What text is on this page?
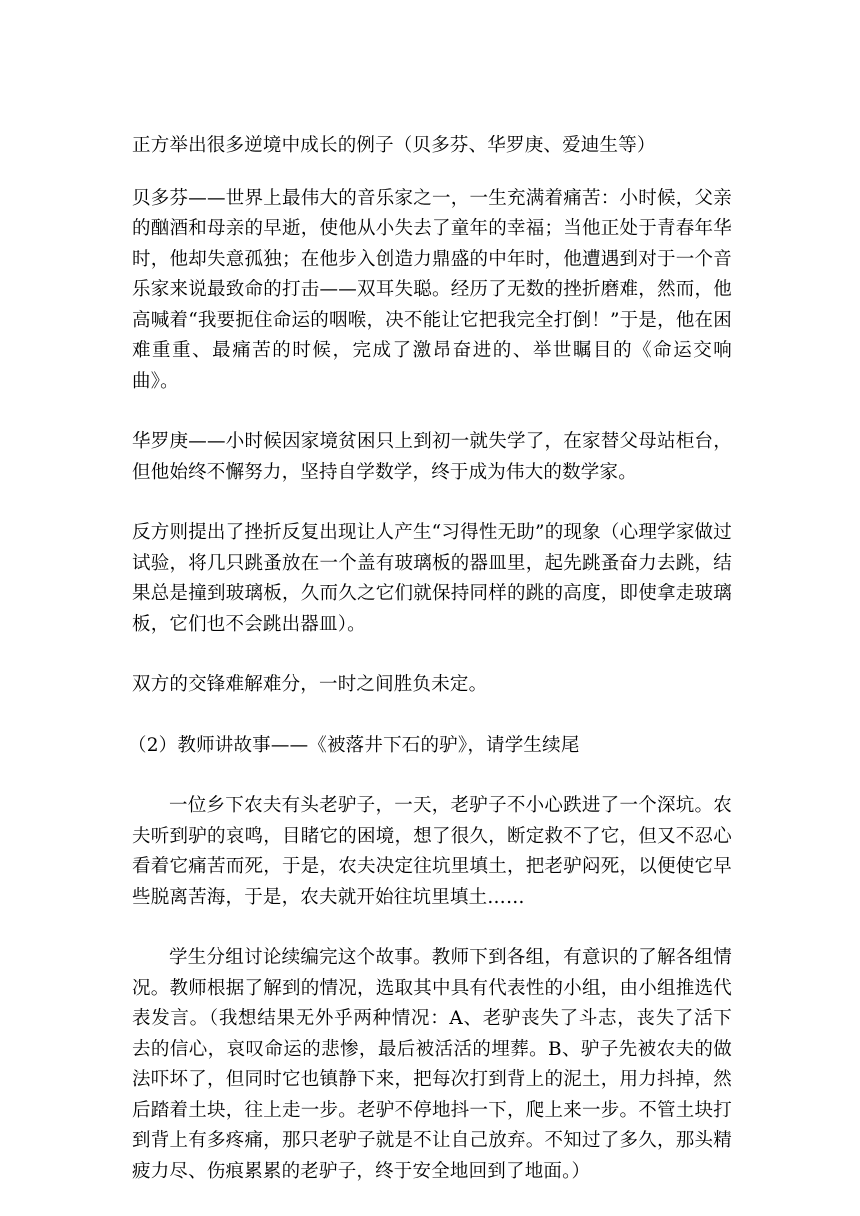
正方举出很多逆境中成长的例子（贝多芬、华罗庚、爱迪生等）

贝多芬——世界上最伟大的音乐家之一，一生充满着痛苦：小时候，父亲的酗酒和母亲的早逝，使他从小失去了童年的幸福；当他正处于青春年华时，他却失意孤独；在他步入创造力鼎盛的中年时，他遭遇到对于一个音乐家来说最致命的打击——双耳失聪。经历了无数的挫折磨难，然而，他高喊着“我要扼住命运的咽喉，决不能让它把我完全打倒！”于是，他在困难重重、最痛苦的时候，完成了激昂奋进的、举世瞩目的《命运交响曲》。

华罗庚——小时候因家境贫困只上到初一就失学了，在家替父母站柜台，但他始终不懈努力，坚持自学数学，终于成为伟大的数学家。

反方则提出了挫折反复出现让人产生“习得性无助”的现象（心理学家做过试验，将几只跳蚤放在一个盖有玻璃板的器皿里，起先跳蚤奋力去跳，结果总是撞到玻璃板，久而久之它们就保持同样的跳的高度，即使拿走玻璃板，它们也不会跳出器皿）。

双方的交锋难解难分，一时之间胜负未定。

（2）教师讲故事——《被落井下石的驴》，请学生续尾

一位乡下农夫有头老驴子，一天，老驴子不小心跌进了一个深坑。农夫听到驴的哀鸣，目睹它的困境，想了很久，断定救不了它，但又不忍心看着它痛苦而死，于是，农夫决定往坑里填土，把老驴闷死，以便使它早些脱离苦海，于是，农夫就开始往坑里填土……

学生分组讨论续编完这个故事。教师下到各组，有意识的了解各组情况。教师根据了解到的情况，选取其中具有代表性的小组，由小组推选代表发言。（我想结果无外乎两种情况：A、老驴丧失了斗志，丧失了活下去的信心，哀叹命运的悲惨，最后被活活的埋葬。B、驴子先被农夫的做法吓坏了，但同时它也镇静下来，把每次打到背上的泥土，用力抖掉，然后踏着土块，往上走一步。老驴不停地抖一下，爬上来一步。不管土块打到背上有多疼痛，那只老驴子就是不让自己放弃。不知过了多久，那头精疲力尽、伤痕累累的老驴子，终于安全地回到了地面。）
